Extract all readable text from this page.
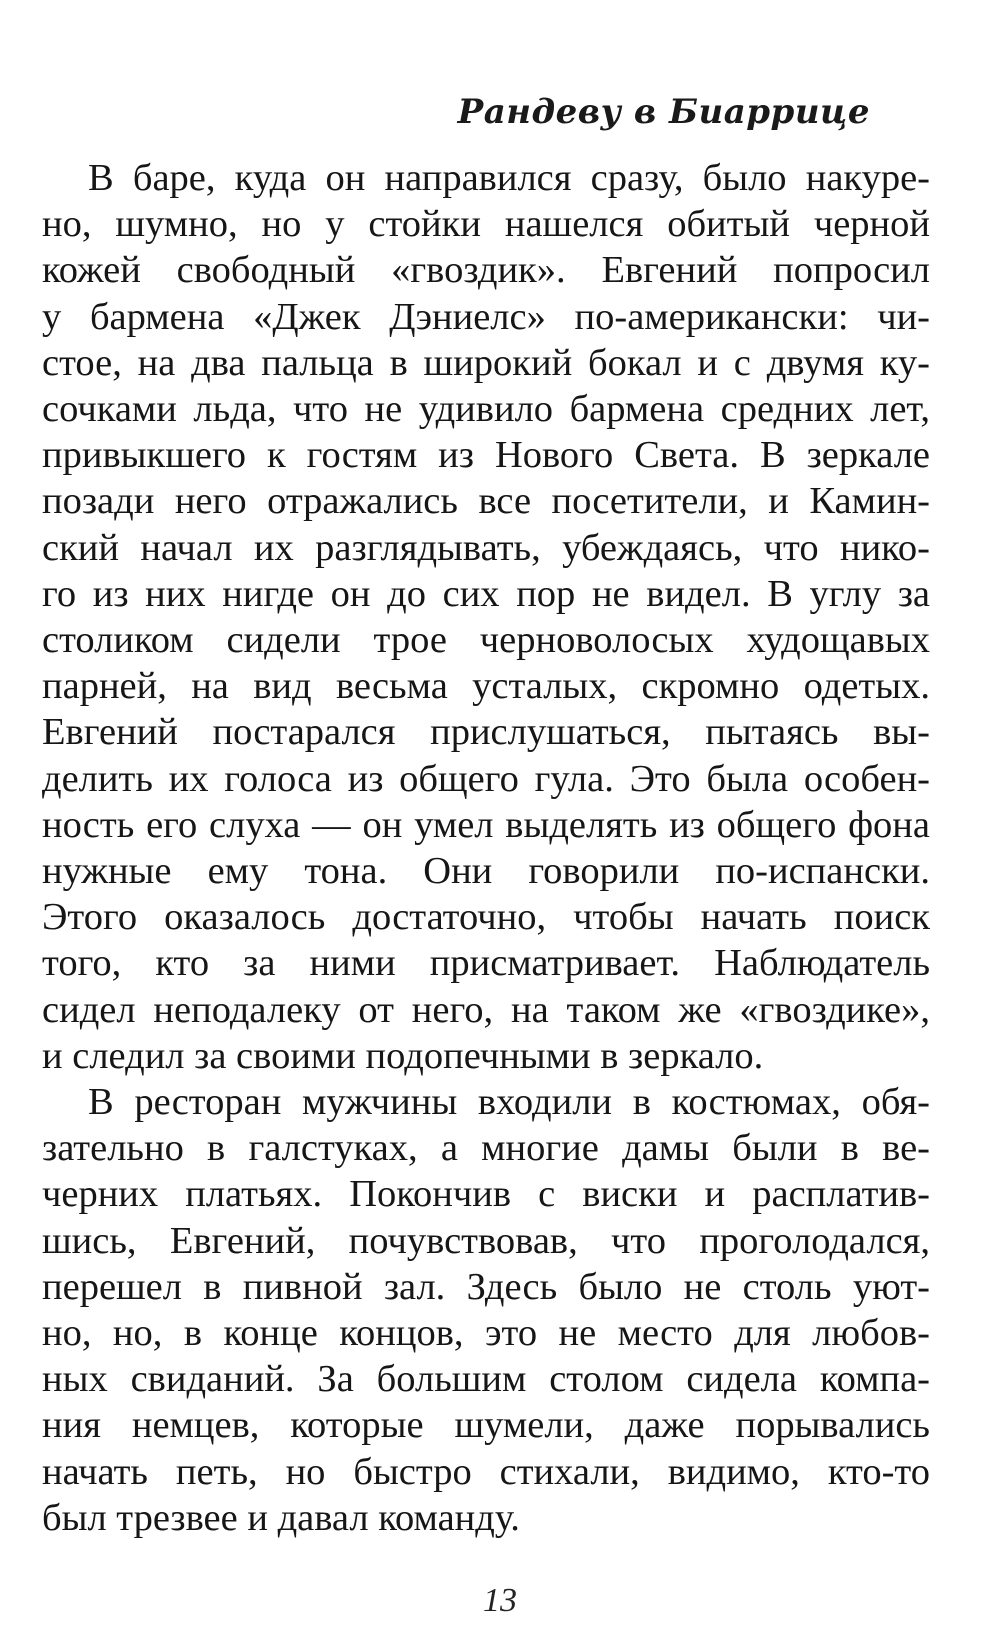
Рандеву в Биаррице

В баре, куда он направился сразу, было накуре-
но, шумно, но у стойки нашелся обитый черной
кожей свободный «гвоздик». Евгений попросил
у бармена «Джек Дэниелс» по-американски: чи-
стое, на два пальца в широкий бокал и с двумя ку-
сочками льда, что не удивило бармена средних лет,
привыкшего к гостям из Нового Света. В зеркале
позади него отражались все посетители, и Камин-
ский начал их разглядывать, убеждаясь, что нико-
го из них нигде он до сих пор не видел. В углу за
столиком сидели трое черноволосых худощавых
парней, на вид весьма усталых, скромно одетых.
Евгений постарался прислушаться, пытаясь вы-
делить их голоса из общего гула. Это была особен-
ность его слуха — он умел выделять из общего фона
нужные ему тона. Они говорили по-испански.
Этого оказалось достаточно, чтобы начать поиск
того, кто за ними присматривает. Наблюдатель
сидел неподалеку от него, на таком же «гвоздике»,
и следил за своими подопечными в зеркало.

В ресторан мужчины входили в костюмах, обя-
зательно в галстуках, а многие дамы были в ве-
черних платьях. Покончив с виски и расплатив-
шись, Евгений, почувствовав, что проголодался,
перешел в пивной зал. Здесь было не столь уют-
но, но, в конце концов, это не место для любов-
ных свиданий. За большим столом сидела компа-
ния немцев, которые шумели, даже порывались
начать петь, но быстро стихали, видимо, кто-то
был трезвее и давал команду.

13
